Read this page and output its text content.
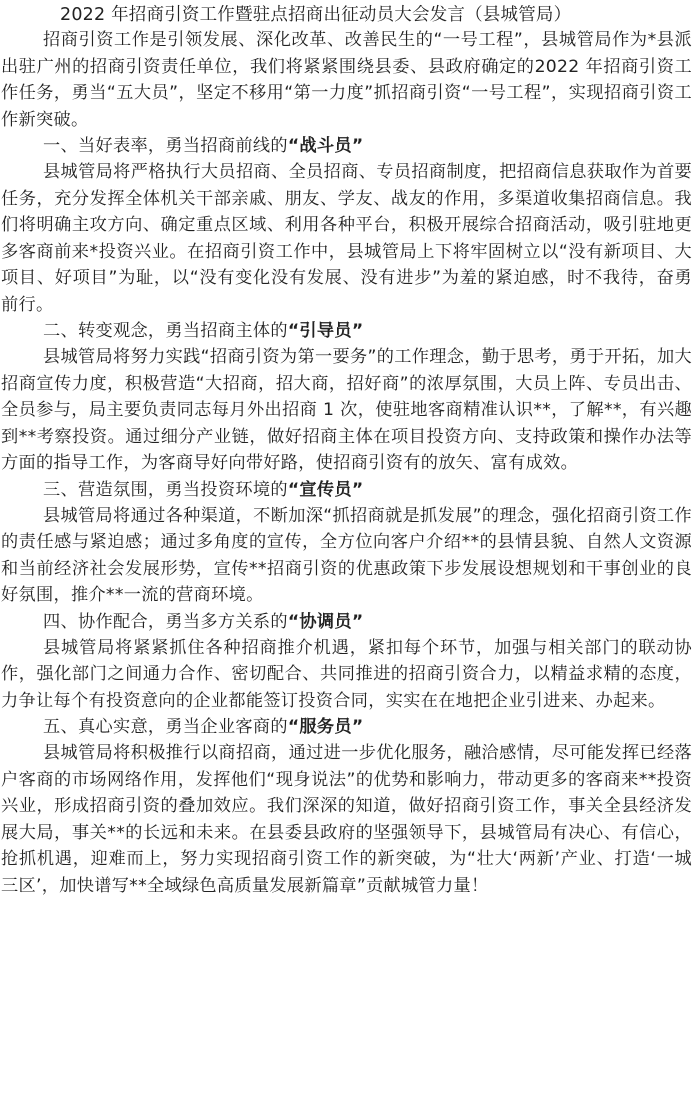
2022 年招商引资工作暨驻点招商出征动员大会发言（县城管局）

招商引资工作是引领发展、深化改革、改善民生的“一号工程”，县城管局作为*县派出驻广州的招商引资责任单位，我们将紧紧围绕县委、县政府确定的2022 年招商引资工作任务，勇当“五大员”，坚定不移用“第一力度”抓招商引资“一号工程”，实现招商引资工作新突破。

一、当好表率，勇当招商前线的“战斗员”

县城管局将严格执行大员招商、全员招商、专员招商制度，把招商信息获取作为首要任务，充分发挥全体机关干部亲戚、朋友、学友、战友的作用，多渠道收集招商信息。我们将明确主攻方向、确定重点区域、利用各种平台，积极开展综合招商活动，吸引驻地更多客商前来*投资兴业。在招商引资工作中，县城管局上下将牢固树立以“没有新项目、大项目、好项目”为耻，以“没有变化没有发展、没有进步”为羞的紧迫感，时不我待，奋勇前行。

二、转变观念，勇当招商主体的“引导员”

县城管局将努力实践“招商引资为第一要务”的工作理念，勤于思考，勇于开拓，加大招商宣传力度，积极营造“大招商，招大商，招好商”的浓厚氛围，大员上阵、专员出击、全员参与，局主要负责同志每月外出招商 1 次，使驻地客商精准认识**，了解**，有兴趣到**考察投资。通过细分产业链，做好招商主体在项目投资方向、支持政策和操作办法等方面的指导工作，为客商导好向带好路，使招商引资有的放矢、富有成效。

三、营造氛围，勇当投资环境的“宣传员”

县城管局将通过各种渠道，不断加深“抓招商就是抓发展”的理念，强化招商引资工作的责任感与紧迫感；通过多角度的宣传，全方位向客户介绍**的县情县貌、自然人文资源和当前经济社会发展形势，宣传**招商引资的优惠政策下步发展设想规划和干事创业的良好氛围，推介**一流的营商环境。

四、协作配合，勇当多方关系的“协调员”

县城管局将紧紧抓住各种招商推介机遇，紧扣每个环节，加强与相关部门的联动协作，强化部门之间通力合作、密切配合、共同推进的招商引资合力，以精益求精的态度，力争让每个有投资意向的企业都能签订投资合同，实实在在地把企业引进来、办起来。

五、真心实意，勇当企业客商的“服务员”

县城管局将积极推行以商招商，通过进一步优化服务，融洽感情，尽可能发挥已经落户客商的市场网络作用，发挥他们“现身说法”的优势和影响力，带动更多的客商来**投资兴业，形成招商引资的叠加效应。我们深深的知道，做好招商引资工作，事关全县经济发展大局，事关**的长远和未来。在县委县政府的坚强领导下，县城管局有决心、有信心，抢抓机遇，迎难而上，努力实现招商引资工作的新突破，为“壮大‘两新’产业、打造‘一城三区’，加快谱写**全域绿色高质量发展新篇章”贡献城管力量！
